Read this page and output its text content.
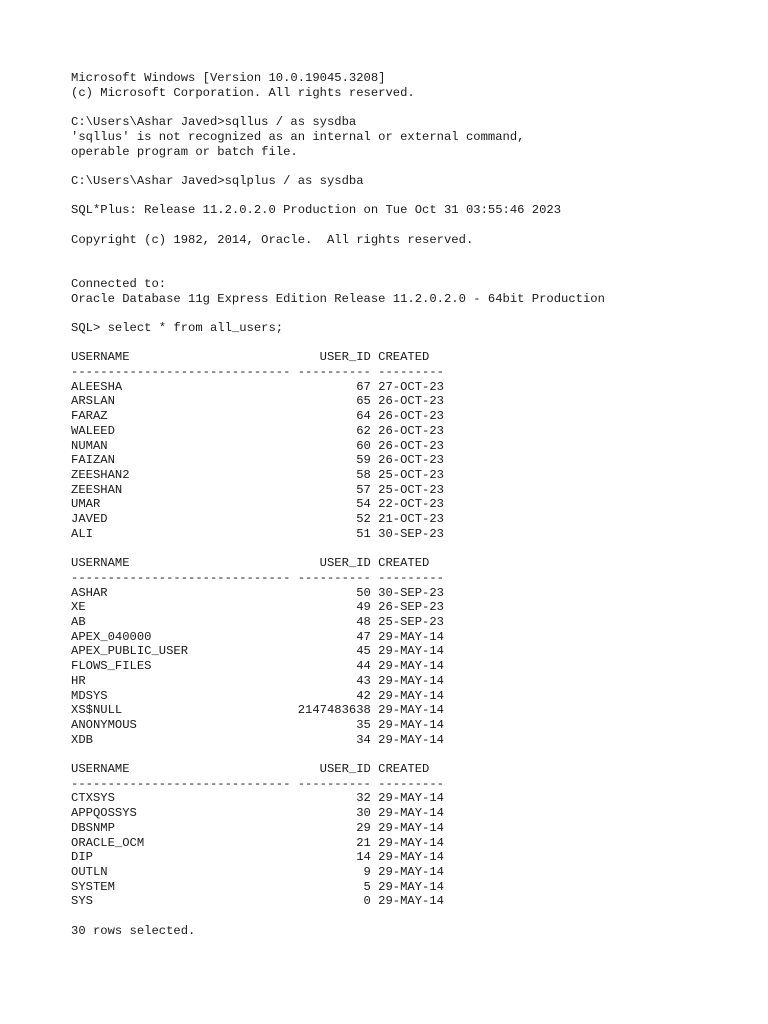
Microsoft Windows [Version 10.0.19045.3208]
(c) Microsoft Corporation. All rights reserved.
C:\Users\Ashar Javed>sqllus / as sysdba
'sqllus' is not recognized as an internal or external command,
operable program or batch file.
C:\Users\Ashar Javed>sqlplus / as sysdba
SQL*Plus: Release 11.2.0.2.0 Production on Tue Oct 31 03:55:46 2023
Copyright (c) 1982, 2014, Oracle.  All rights reserved.
Connected to:
Oracle Database 11g Express Edition Release 11.2.0.2.0 - 64bit Production
SQL> select * from all_users;
USERNAME                          USER_ID CREATED
------------------------------ ---------- ---------
ALEESHA                                67 27-OCT-23
ARSLAN                                 65 26-OCT-23
FARAZ                                  64 26-OCT-23
WALEED                                 62 26-OCT-23
NUMAN                                  60 26-OCT-23
FAIZAN                                 59 26-OCT-23
ZEESHAN2                               58 25-OCT-23
ZEESHAN                                57 25-OCT-23
UMAR                                   54 22-OCT-23
JAVED                                  52 21-OCT-23
ALI                                    51 30-SEP-23
USERNAME                          USER_ID CREATED
------------------------------ ---------- ---------
ASHAR                                  50 30-SEP-23
XE                                     49 26-SEP-23
AB                                     48 25-SEP-23
APEX_040000                            47 29-MAY-14
APEX_PUBLIC_USER                       45 29-MAY-14
FLOWS_FILES                            44 29-MAY-14
HR                                     43 29-MAY-14
MDSYS                                  42 29-MAY-14
XS$NULL                        2147483638 29-MAY-14
ANONYMOUS                              35 29-MAY-14
XDB                                    34 29-MAY-14
USERNAME                          USER_ID CREATED
------------------------------ ---------- ---------
CTXSYS                                 32 29-MAY-14
APPQOSSYS                              30 29-MAY-14
DBSNMP                                 29 29-MAY-14
ORACLE_OCM                             21 29-MAY-14
DIP                                    14 29-MAY-14
OUTLN                                   9 29-MAY-14
SYSTEM                                  5 29-MAY-14
SYS                                     0 29-MAY-14
30 rows selected.
